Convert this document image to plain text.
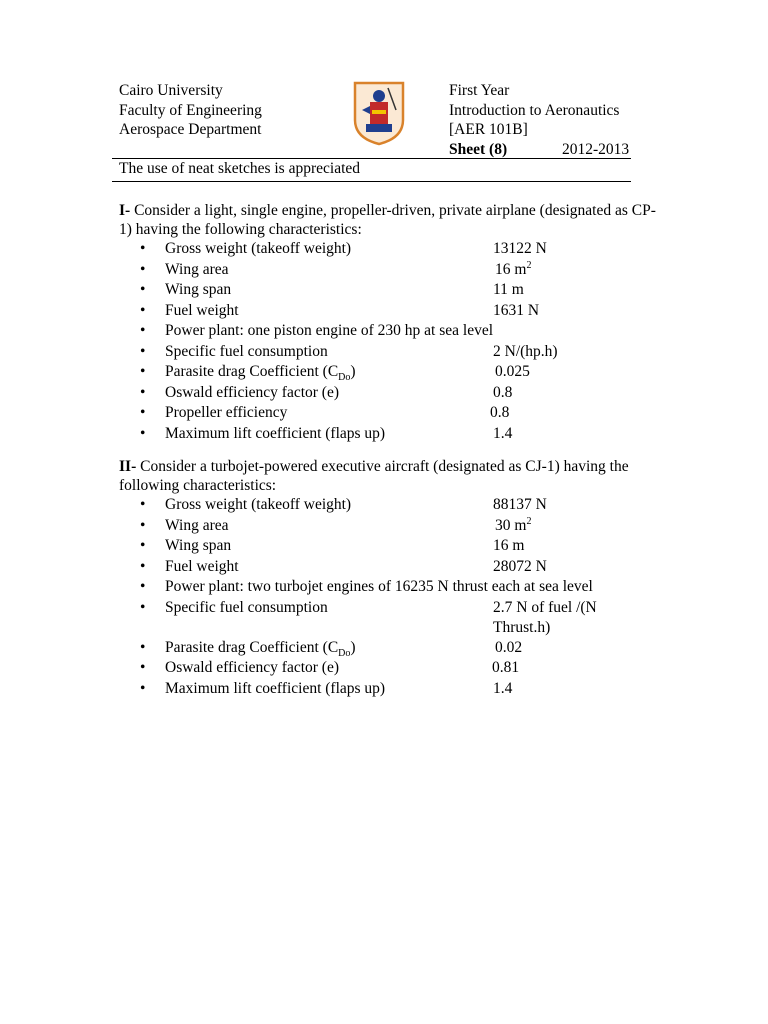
Cairo University
Faculty of Engineering
Aerospace Department
First Year
Introduction to Aeronautics
[AER 101B]
Sheet (8)	2012-2013
The use of neat sketches is appreciated

I- Consider a light, single engine, propeller-driven, private airplane (designated as CP-1) having the following characteristics:

• Gross weight (takeoff weight)	13122 N
• Wing area	16 $m^2$
• Wing span	11 m
• Fuel weight	1631 N
• Power plant: one piston engine of 230 hp at sea level
• Specific fuel consumption	2 N/(hp.h)
• Parasite drag Coefficient $(C_{Do})$	0.025
• Oswald efficiency factor (e)	0.8
• Propeller efficiency	0.8
• Maximum lift coefficient (flaps up)	1.4

II- Consider a turbojet-powered executive aircraft (designated as CJ-1) having the following characteristics:

• Gross weight (takeoff weight)	88137 N
• Wing area	30 $m^2$
• Wing span	16 m
• Fuel weight	28072 N
• Power plant: two turbojet engines of 16235 N thrust each at sea level
• Specific fuel consumption	2.7 N of fuel /(N Thrust.h)
• Parasite drag Coefficient $(C_{Do})$	0.02
• Oswald efficiency factor (e)	0.81
• Maximum lift coefficient (flaps up)	1.4
